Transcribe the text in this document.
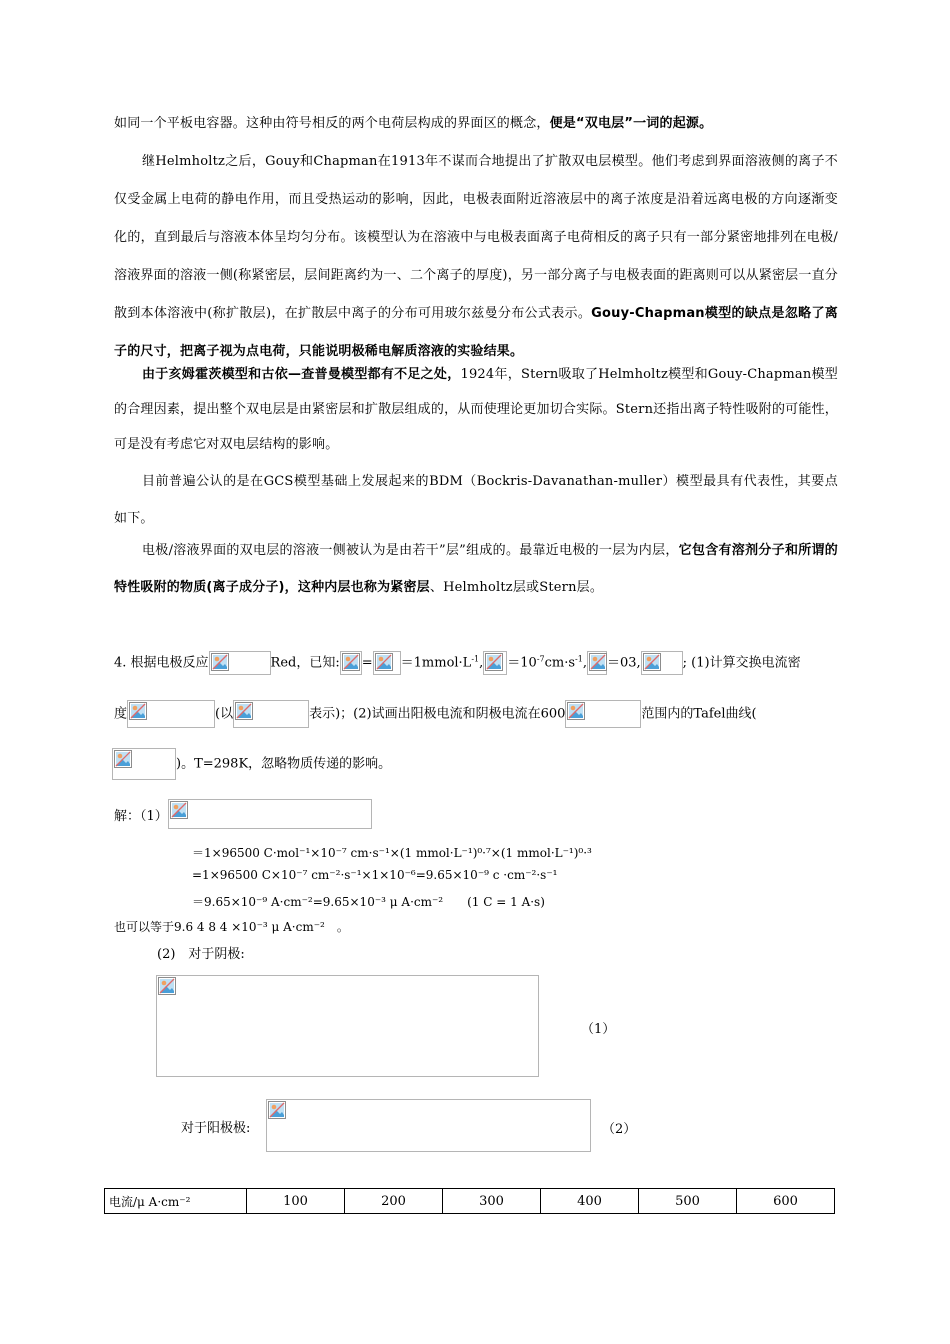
如同一个平板电容器。这种由符号相反的两个电荷层构成的界面区的概念，便是“双电层”一词的起源。
继Helmholtz之后，Gouy和Chapman在1913年不谋而合地提出了扩散双电层模型。他们考虑到界面溶液侧的离子不仅受金属上电荷的静电作用，而且受热运动的影响，因此，电极表面附近溶液层中的离子浓度是沿着远离电极的方向逐渐变化的，直到最后与溶液本体呈均匀分布。该模型认为在溶液中与电极表面离子电荷相反的离子只有一部分紧密地排列在电极/溶液界面的溶液一侧(称紧密层，层间距离约为一、二个离子的厚度)，另一部分离子与电极表面的距离则可以从紧密层一直分散到本体溶液中(称扩散层)，在扩散层中离子的分布可用玻尔兹曼分布公式表示。Gouy-Chapman模型的缺点是忽略了离子的尺寸，把离子视为点电荷，只能说明极稀电解质溶液的实验结果。
由于亥姆霍茨模型和古依—查普曼模型都有不足之处，1924年，Stern吸取了Helmholtz模型和Gouy-Chapman模型的合理因素，提出整个双电层是由紧密层和扩散层组成的，从而使理论更加切合实际。Stern还指出离子特性吸附的可能性，可是没有考虑它对双电层结构的影响。
目前普遍公认的是在GCS模型基础上发展起来的BDM（Bockris-Davanathan-muller）模型最具有代表性，其要点如下。
电极/溶液界面的双电层的溶液一侧被认为是由若干”层”组成的。最靠近电极的一层为内层，它包含有溶剂分子和所谓的特性吸附的物质(离子成分子)，这种内层也称为紧密层、Helmholtz层或Stern层。
4. 根据电极反应	Red，已知: = $=1mmol\cdot L^{-1}$, $=10^{-7}cm\cdot s^{-1}$, ＝03,	; (1)计算交换电流密
度	(以	表示)；(2)试画出阳极电流和阴极电流在600	范围内的Tafel曲线(
)。T=298K，忽略物质传递的影响。
解：（1）
＝1×96500 C·mol⁻¹×10⁻⁷ cm·s⁻¹×(1 mmol·L⁻¹)⁰·⁷×(1 mmol·L⁻¹)⁰·³
=1×96500 C×10⁻⁷ cm⁻²·s⁻¹×1×10⁻⁶=9.65×10⁻⁹ c ·cm⁻²·s⁻¹
＝9.65×10⁻⁹ A·cm⁻²=9.65×10⁻³ μ A·cm⁻²　　(1 C = 1 A·s)
也可以等于9.6 4 8 4 ×10⁻³ μ A·cm⁻²　。
(2)　对于阴极:
（1）
对于阳极极:	（2）
电流/μ A·cm⁻²	100	200	300	400	500	600
